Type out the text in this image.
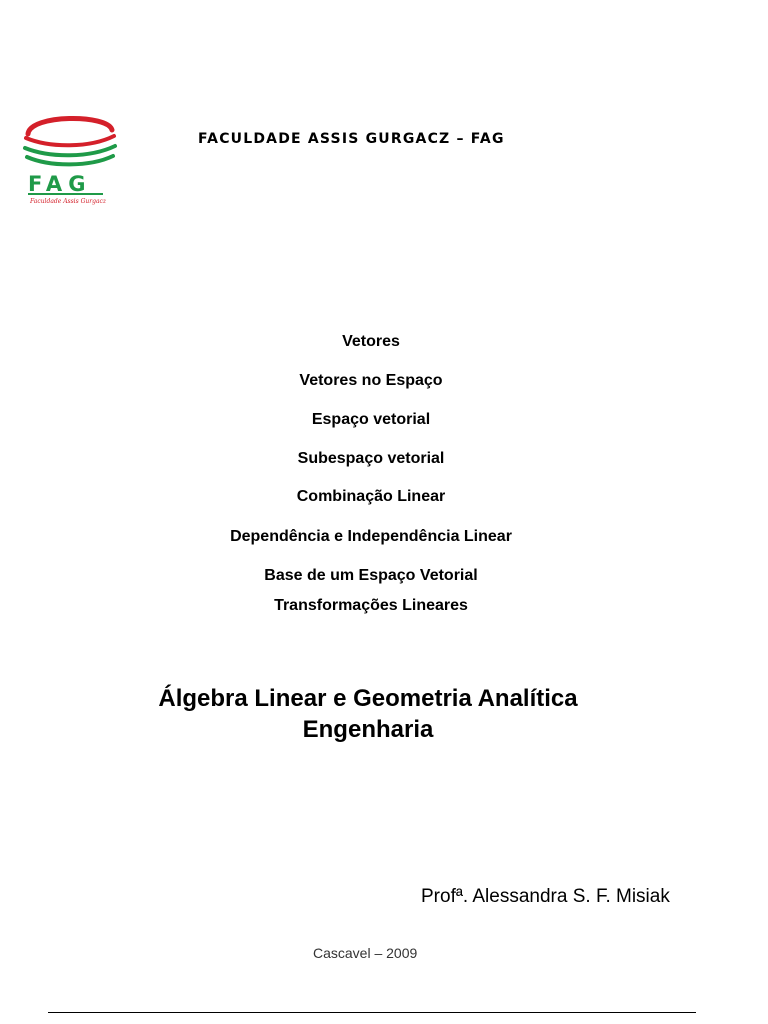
FAG
Faculdade Assis Gurgacz
FACULDADE ASSIS GURGACZ – FAG
Vetores
Vetores no Espaço
Espaço vetorial
Subespaço vetorial
Combinação Linear
Dependência e Independência Linear
Base de um Espaço Vetorial
Transformações Lineares
Álgebra Linear e Geometria Analítica
Engenharia
Profª. Alessandra S. F. Misiak
Cascavel – 2009
